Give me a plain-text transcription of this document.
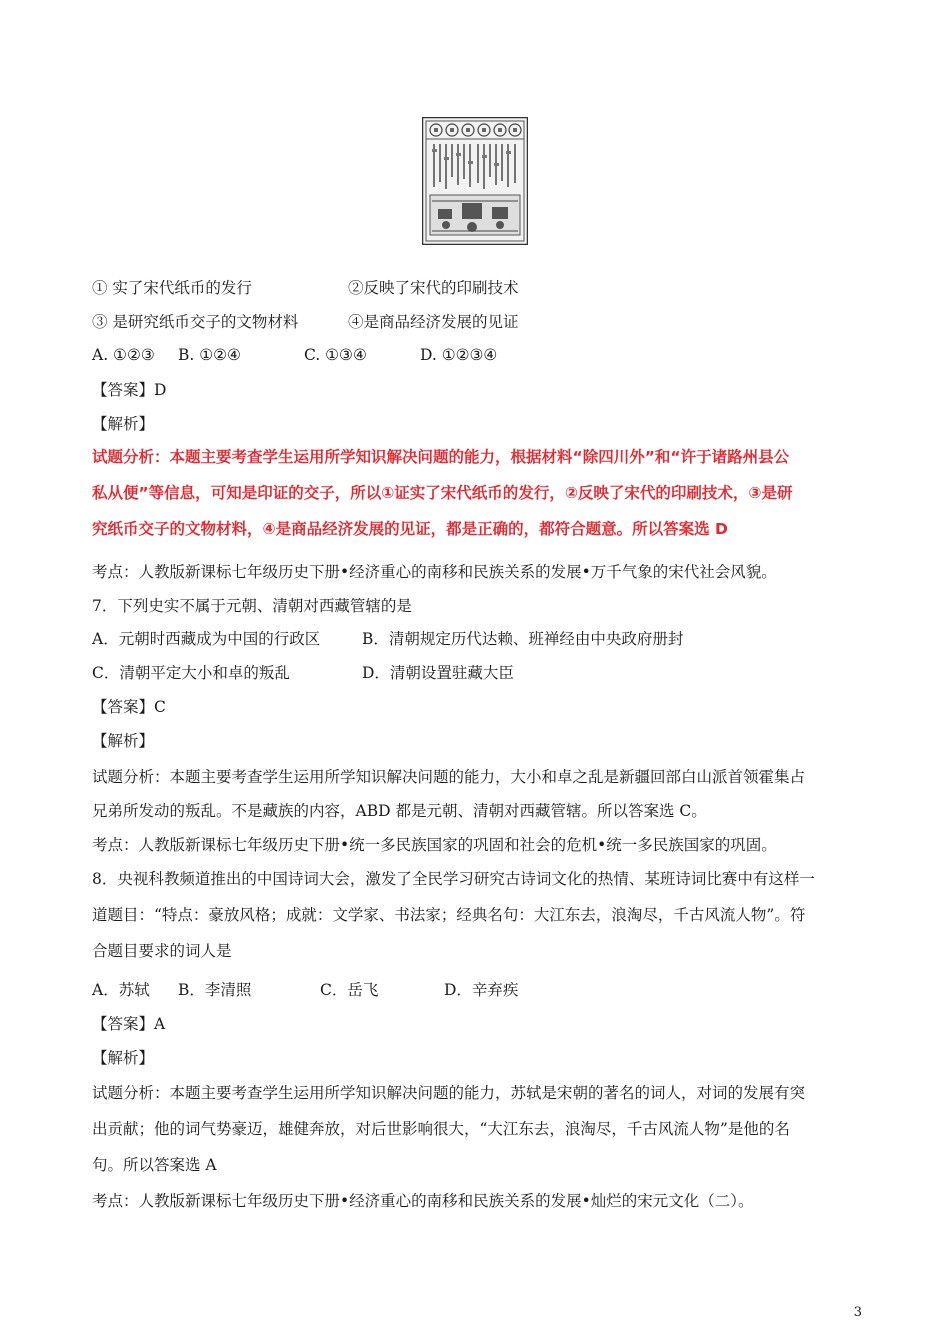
① 实了宋代纸币的发行	②反映了宋代的印刷技术
③ 是研究纸币交子的文物材料	④是商品经济发展的见证
A. ①②③ B. ①②④	C. ①③④	D. ①②③④
【答案】D
【解析】
试题分析：本题主要考查学生运用所学知识解决问题的能力，根据材料“除四川外”和“许于诸路州县公
私从便”等信息，可知是印证的交子，所以①证实了宋代纸币的发行，②反映了宋代的印刷技术，③是研
究纸币交子的文物材料，④是商品经济发展的见证，都是正确的，都符合题意。所以答案选 D
考点：人教版新课标七年级历史下册•经济重心的南移和民族关系的发展•万千气象的宋代社会风貌。
7．下列史实不属于元朝、清朝对西藏管辖的是
A．元朝时西藏成为中国的行政区	B．清朝规定历代达赖、班禅经由中央政府册封
C．清朝平定大小和卓的叛乱	D．清朝设置驻藏大臣
【答案】C
【解析】
试题分析：本题主要考查学生运用所学知识解决问题的能力，大小和卓之乱是新疆回部白山派首领霍集占
兄弟所发动的叛乱。不是藏族的内容，ABD 都是元朝、清朝对西藏管辖。所以答案选 C。
考点：人教版新课标七年级历史下册•统一多民族国家的巩固和社会的危机•统一多民族国家的巩固。
8．央视科教频道推出的中国诗词大会，激发了全民学习研究古诗词文化的热情、某班诗词比赛中有这样一
道题目：“特点：豪放风格；成就：文学家、书法家；经典名句：大江东去，浪淘尽，千古风流人物”。符
合题目要求的词人是
A．苏轼 B．李清照	C．岳飞	D．辛弃疾
【答案】A
【解析】
试题分析：本题主要考查学生运用所学知识解决问题的能力，苏轼是宋朝的著名的词人，对词的发展有突
出贡献；他的词气势豪迈，雄健奔放，对后世影响很大，“大江东去，浪淘尽，千古风流人物”是他的名
句。所以答案选 A
考点：人教版新课标七年级历史下册•经济重心的南移和民族关系的发展•灿烂的宋元文化（二）。
3
